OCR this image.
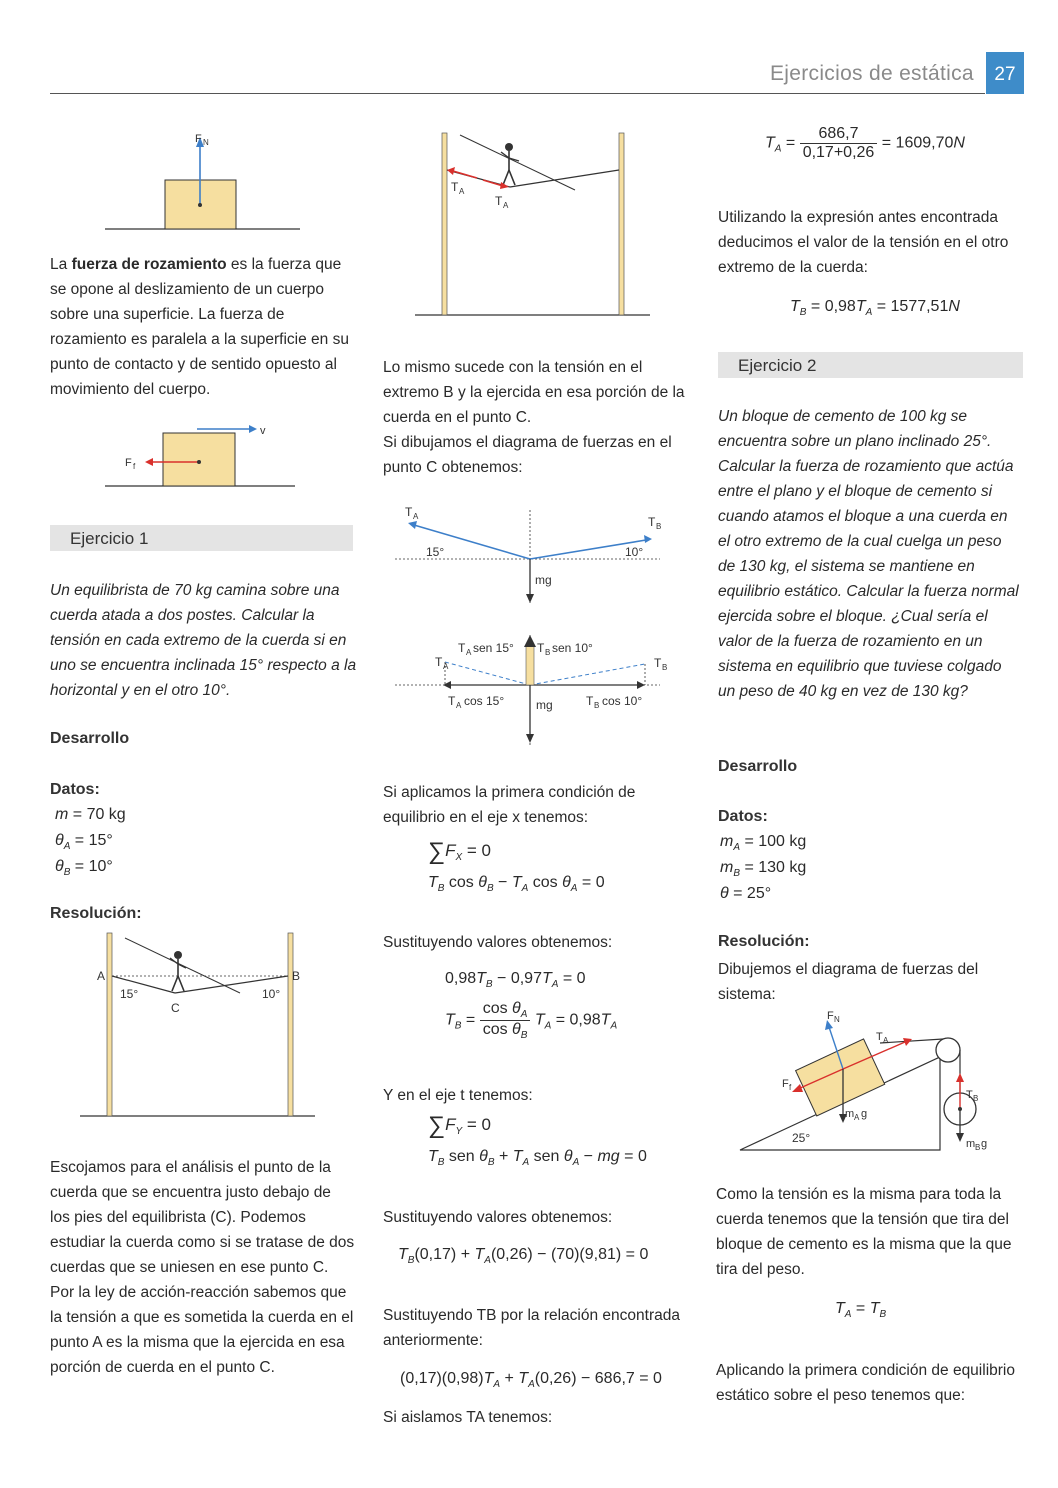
Ejercicios de estática	27
F N

La fuerza de rozamiento es la fuerza que se opone al deslizamiento de un cuerpo sobre una superficie. La fuerza de rozamiento es paralela a la superficie en su punto de contacto y de sentido opuesto al movimiento del cuerpo.

v
F f
Ejercicio 1

Un equilibrista de 70 kg camina sobre una cuerda atada a dos postes. Calcular la tensión en cada extremo de la cuerda si en uno se encuentra inclinada 15° respecto a la horizontal y en el otro 10°.

Desarrollo
Datos:
m = 70 kg
$\theta_A = 15^\circ$
$\theta_B = 10^\circ$
Resolución:
A	B
C
15°	10°

Escojamos para el análisis el punto de la cuerda que se encuentra justo debajo de los pies del equilibrista (C). Podemos estudiar la cuerda como si se tratase de dos cuerdas que se uniesen en ese punto C.

Por la ley de acción-reacción sabemos que la tensión a que es sometida la cuerda en el punto A es la misma que la ejercida en esa porción de cuerda en el punto C.

T A
T A

Lo mismo sucede con la tensión en el extremo B y la ejercida en esa porción de la cuerda en el punto C.

Si dibujamos el diagrama de fuerzas en el punto C obtenemos:

T A	T B
15°	10°
mg
T A	T B
T A sen 15° T B sen 10°
T A cos 15°	T B cos 10°
mg

Si aplicamos la primera condición de equilibrio en el eje x tenemos:

$\sum F_X = 0$
$T_B$ $\cos \theta_B - T_A$ $\cos \theta_A = 0$

Sustituyendo valores obtenemos:

$0,98T_B - 0,97T_A = 0$
$T_B = \frac{\cos \theta_A}{\cos \theta_B} T_A = 0,98T_A$

Y en el eje t tenemos:

$\sum F_Y = 0$
$T_B$ sen $\theta_B + T_A$ sen $\theta_A$ − mg = 0

Sustituyendo valores obtenemos:

$T_B(0,17) + T_A(0,26) - (70)(9,81) = 0$

Sustituyendo TB por la relación encontrada anteriormente:

$(0,17)(0,98)T_A + T_A(0,26) - 686,7 = 0$

Si aislamos TA tenemos:

$T_A = \frac{686,7}{0,17+0,26} = 1609,70N$

Utilizando la expresión antes encontrada deducimos el valor de la tensión en el otro extremo de la cuerda:

$T_B = 0,98T_A = 1577,51N$
Ejercicio 2

Un bloque de cemento de 100 kg se encuentra sobre un plano inclinado 25°. Calcular la fuerza de rozamiento que actúa entre el plano y el bloque de cemento si cuando atamos el bloque a una cuerda en el otro extremo de la cual cuelga un peso de 130 kg, el sistema se mantiene en equilibrio estático. Calcular la fuerza normal ejercida sobre el bloque. ¿Cual sería el valor de la fuerza de rozamiento en un sistema en equilibrio que tuviese colgado un peso de 40 kg en vez de 130 kg?

Desarrollo
Datos:
$m_A = 100$ kg
$m_B = 130$ kg
θ = 25°
Resolución:

Dibujemos el diagrama de fuerzas del sistema:

F N
T A
F f
m A g
T B
m B g
25°

Como la tensión es la misma para toda la cuerda tenemos que la tensión que tira del bloque de cemento es la misma que la que tira del peso.

$T_A = T_B$

Aplicando la primera condición de equilibrio estático sobre el peso tenemos que:
